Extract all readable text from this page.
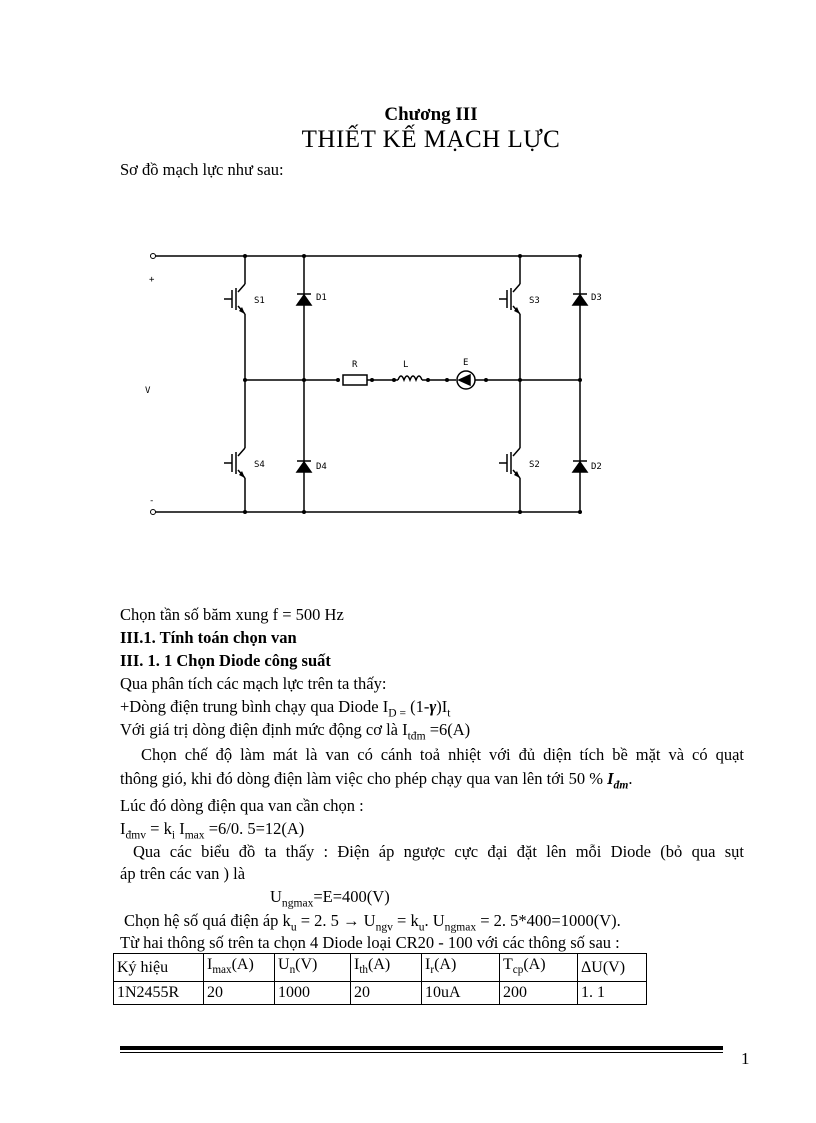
Chương III
THIẾT KẾ MẠCH LỰC
Sơ đồ mạch lực như sau:
+
-
V
S1
S4
S3
S2
D1
D4
D3
D2
R	L	E
Chọn tần số băm xung f = 500 Hz
III.1. Tính toán chọn van
III. 1. 1 Chọn Diode công suất
Qua phân tích các mạch lực trên ta thấy:
+Dòng điện trung bình chạy qua Diode $I_{D =}$ $(1-\gamma)I_t$
Với giá trị dòng điện định mức động cơ là $I_{tđm} =6(A)$
Chọn chế độ làm mát là van có cánh toả nhiệt với đủ diện tích bề mặt và có quạt
thông gió, khi đó dòng điện làm việc cho phép chạy qua van lên tới 50 % $I_{đm}$.
Lúc đó dòng điện qua van cần chọn :
$I_{đmv} = k_i$ $I_{max} =6/0$. 5=12(A)
Qua các biểu đồ ta thấy : Điện áp ngược cực đại đặt lên mỗi Diode (bỏ qua sụt
áp trên các van ) là
$U_{ngmax}=E=400(V)$
Chọn hệ số quá điện áp $k_u = 2$. $5 \to U_{ngv} = k_u$. $U_{ngmax} = 2$. 5*400=1000(V).
Từ hai thông số trên ta chọn 4 Diode loại CR20 - 100 với các thông số sau :
Ký hiệu	$I_{max}(A)$	$U_n(V)$	$I_{th}(A)$	$I_r(A)$	$T_{cp}(A)$	ΔU(V)
1N2455R	20	1000	20	10uA	200	1. 1
1
